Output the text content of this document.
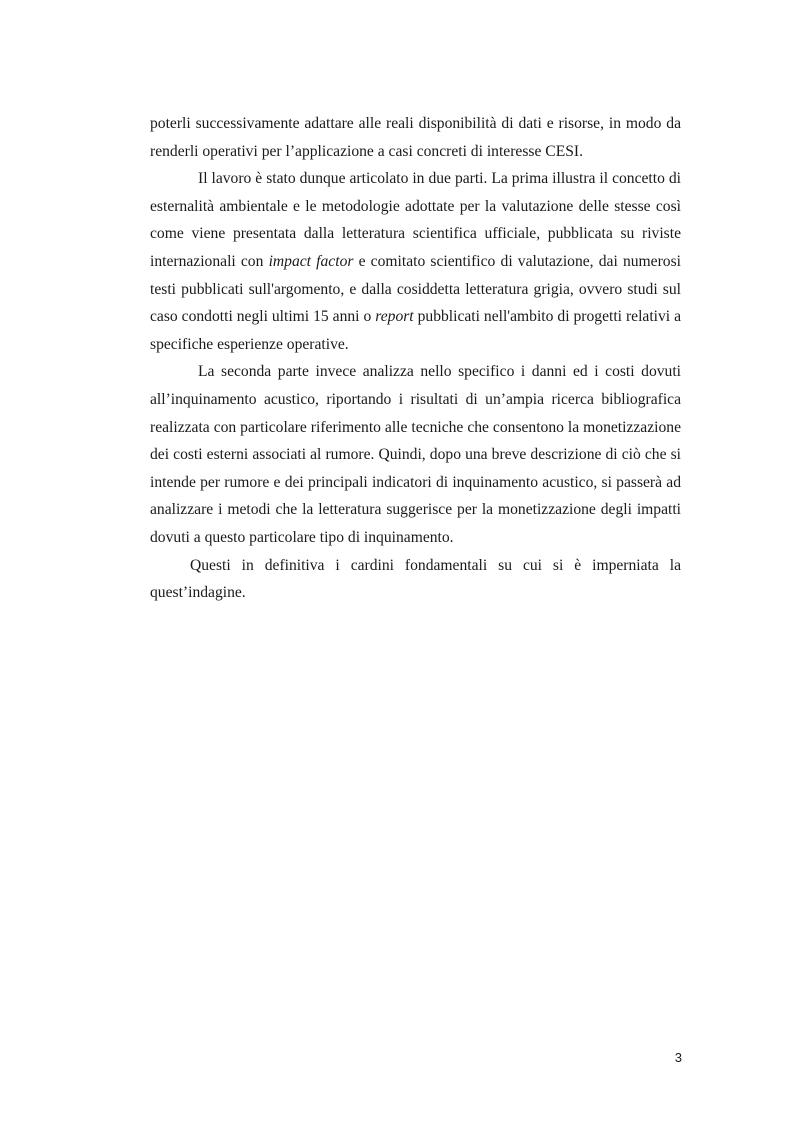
poterli successivamente adattare alle reali disponibilità di dati e risorse, in modo da renderli operativi per l’applicazione a casi concreti di interesse CESI.

Il lavoro è stato dunque articolato in due parti. La prima illustra il concetto di esternalità ambientale e le metodologie adottate per la valutazione delle stesse così come viene presentata dalla letteratura scientifica ufficiale, pubblicata su riviste internazionali con impact factor e comitato scientifico di valutazione, dai numerosi testi pubblicati sull'argomento, e dalla cosiddetta letteratura grigia, ovvero studi sul caso condotti negli ultimi 15 anni o report pubblicati nell'ambito di progetti relativi a specifiche esperienze operative.

La seconda parte invece analizza nello specifico i danni ed i costi dovuti all’inquinamento acustico, riportando i risultati di un’ampia ricerca bibliografica realizzata con particolare riferimento alle tecniche che consentono la monetizzazione dei costi esterni associati al rumore. Quindi, dopo una breve descrizione di ciò che si intende per rumore e dei principali indicatori di inquinamento acustico, si passerà ad analizzare i metodi che la letteratura suggerisce per la monetizzazione degli impatti dovuti a questo particolare tipo di inquinamento.

Questi in definitiva i cardini fondamentali su cui si è imperniata la quest’indagine.

3
